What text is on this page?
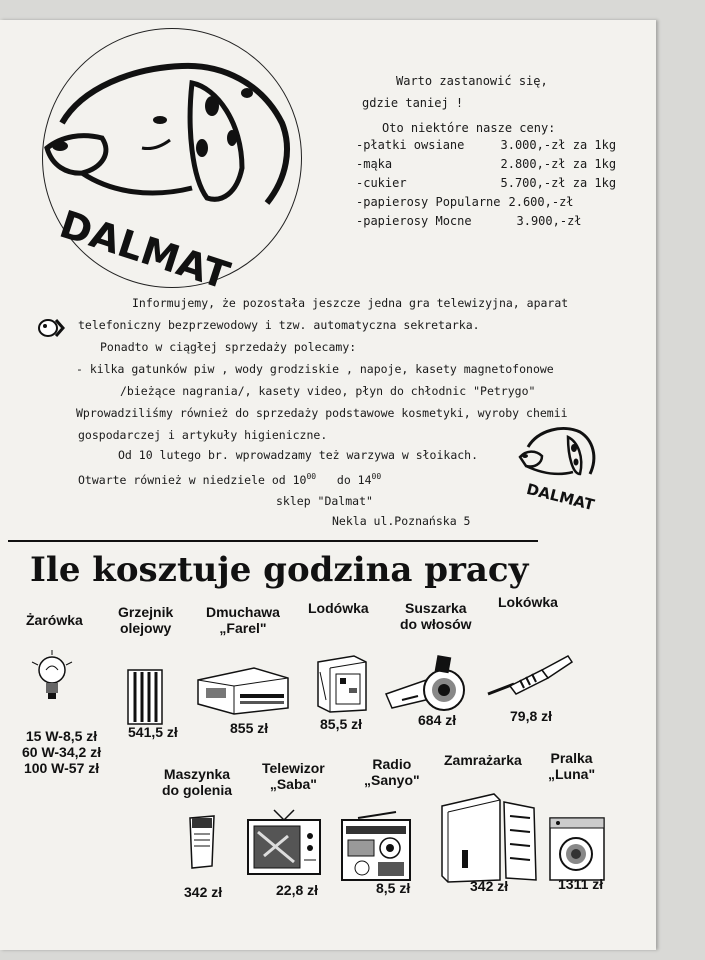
DALMAT
Warto zastanowić się,
gdzie taniej !
Oto niektóre nasze ceny:
-płatki owsiane	3.000,-zł za 1kg
-mąka	2.800,-zł za 1kg
-cukier	5.700,-zł za 1kg
-papierosy Popularne	2.600,-zł
-papierosy Mocne	3.900,-zł
Informujemy, że pozostała jeszcze jedna gra telewizyjna, aparat
telefoniczny bezprzewodowy i tzw. automatyczna sekretarka.
Ponadto w ciągłej sprzedaży polecamy:
- kilka gatunków piw , wody grodziskie , napoje, kasety magnetofonowe
/bieżące nagrania/, kasety video, płyn do chłodnic "Petrygo"
Wprowadziliśmy również do sprzedaży podstawowe kosmetyki, wyroby chemii
gospodarczej i artykuły higieniczne.
Od 10 lutego br. wprowadzamy też warzywa w słoikach.
Otwarte również w niedziele od $10^{00}$ do $14^{00}$
sklep "Dalmat"
Nekla ul.Poznańska 5
DALMAT
Ile kosztuje godzina pracy
Żarówka	Grzejnik
olejowy
Dmuchawa
„Farel"
Lodówka	Suszarka
do włosów
Lokówka
15 W-8,5 zł
60 W-34,2 zł
100 W-57 zł
541,5 zł	855 zł	85,5 zł	684 zł	79,8 zł
Maszynka
do golenia
Telewizor
„Saba"
Radio
„Sanyo"
Zamrażarka Pralka
„Luna"
342 zł	22,8 zł	8,5 zł	342 zł	1311 zł
